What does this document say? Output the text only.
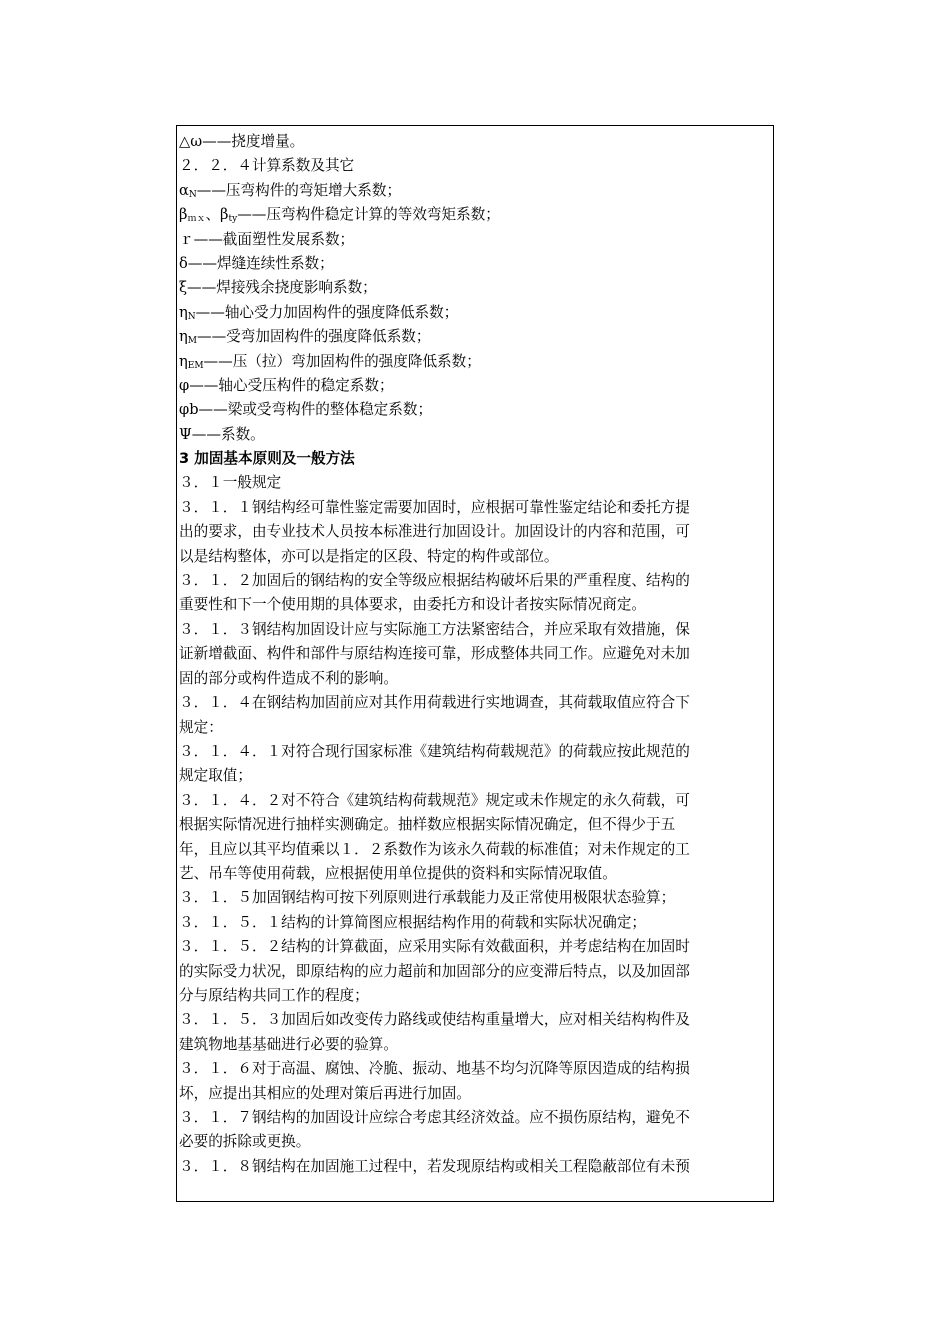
△ω——挠度增量。
２．２．４计算系数及其它
$\alpha_N——$压弯构件的弯矩增大系数；
$\beta_{mx}$、$\beta_{ty}——$压弯构件稳定计算的等效弯矩系数；
ｒ——截面塑性发展系数；
δ——焊缝连续性系数；
ξ——焊接残余挠度影响系数；
$\eta_N——$轴心受力加固构件的强度降低系数；
$\eta_M——$受弯加固构件的强度降低系数；
$\eta_{EM}——$压（拉）弯加固构件的强度降低系数；
φ——轴心受压构件的稳定系数；
φb——梁或受弯构件的整体稳定系数；
Ψ——系数。
3 加固基本原则及一般方法
３．１一般规定
３．１．１钢结构经可靠性鉴定需要加固时，应根据可靠性鉴定结论和委托方提
出的要求，由专业技术人员按本标准进行加固设计。加固设计的内容和范围，可
以是结构整体，亦可以是指定的区段、特定的构件或部位。
３．１．２加固后的钢结构的安全等级应根据结构破坏后果的严重程度、结构的
重要性和下一个使用期的具体要求，由委托方和设计者按实际情况商定。
３．１．３钢结构加固设计应与实际施工方法紧密结合，并应采取有效措施，保
证新增截面、构件和部件与原结构连接可靠，形成整体共同工作。应避免对未加
固的部分或构件造成不利的影响。
３．１．４在钢结构加固前应对其作用荷载进行实地调查，其荷载取值应符合下
规定：
３．１．４．１对符合现行国家标准《建筑结构荷载规范》的荷载应按此规范的
规定取值；
３．１．４．２对不符合《建筑结构荷载规范》规定或未作规定的永久荷载，可
根据实际情况进行抽样实测确定。抽样数应根据实际情况确定，但不得少于五
年，且应以其平均值乘以１．２系数作为该永久荷载的标准值；对未作规定的工
艺、吊车等使用荷载，应根据使用单位提供的资料和实际情况取值。
３．１．５加固钢结构可按下列原则进行承载能力及正常使用极限状态验算；
３．１．５．１结构的计算简图应根据结构作用的荷载和实际状况确定；
３．１．５．２结构的计算截面，应采用实际有效截面积，并考虑结构在加固时
的实际受力状况，即原结构的应力超前和加固部分的应变滞后特点，以及加固部
分与原结构共同工作的程度；
３．１．５．３加固后如改变传力路线或使结构重量增大，应对相关结构构件及
建筑物地基基础进行必要的验算。
３．１．６对于高温、腐蚀、冷脆、振动、地基不均匀沉降等原因造成的结构损
坏，应提出其相应的处理对策后再进行加固。
３．１．７钢结构的加固设计应综合考虑其经济效益。应不损伤原结构，避免不
必要的拆除或更换。
３．１．８钢结构在加固施工过程中，若发现原结构或相关工程隐蔽部位有未预
